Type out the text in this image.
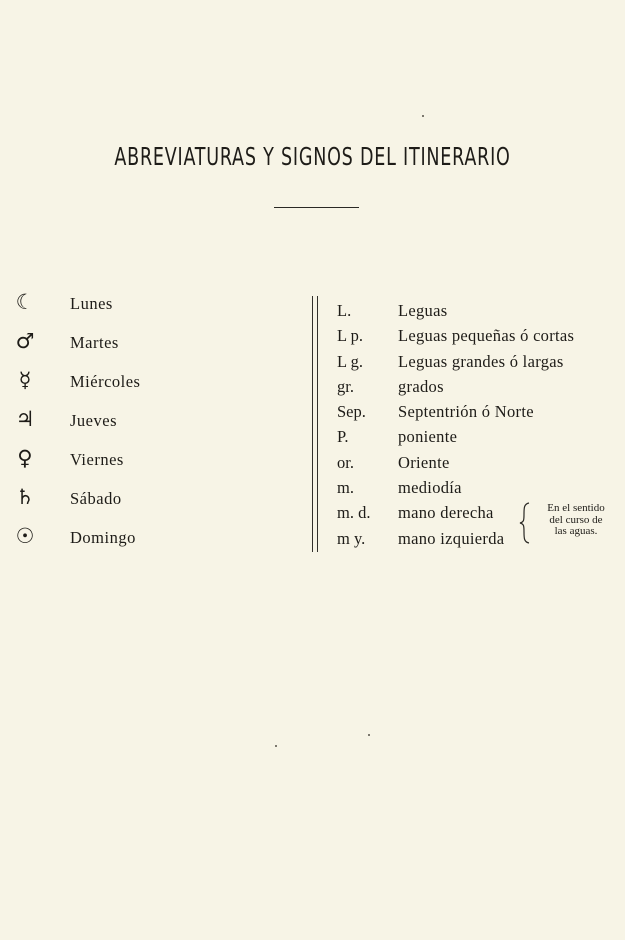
ABREVIATURAS Y SIGNOS DEL ITINERARIO
☾	Lunes
♂	Martes
☿	Miércoles
♃	Jueves
♀	Viernes
♄	Sábado
☉	Domingo
L.	Leguas
L p. Leguas pequeñas ó cortas
L g. Leguas grandes ó largas
gr.	grados
Sep. Septentrión ó Norte
P.	poniente
or.	Oriente
m.	mediodía
m. d. mano derecha
m y. mano izquierda
En el sentido
del curso de
las aguas.
